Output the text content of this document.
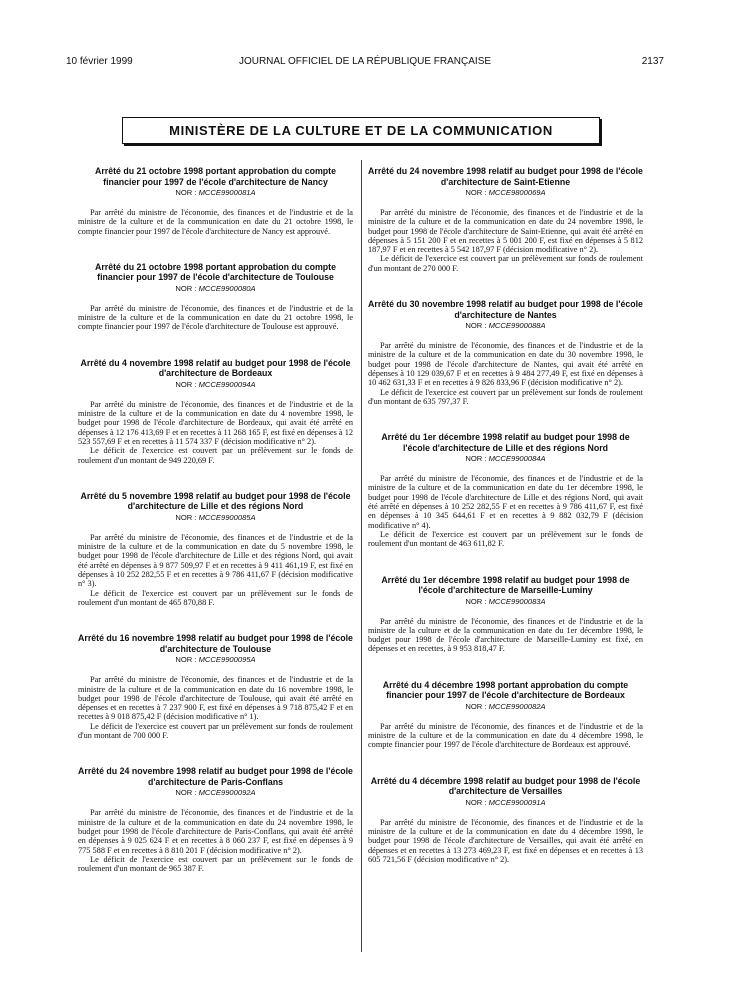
10 février 1999	JOURNAL OFFICIEL DE LA RÉPUBLIQUE FRANÇAISE	2137
MINISTÈRE DE LA CULTURE ET DE LA COMMUNICATION
Arrêté du 21 octobre 1998 portant approbation du compte financier pour 1997 de l'école d'architecture de Nancy
NOR : MCCE9900081A

Par arrêté du ministre de l'économie, des finances et de l'industrie et de la ministre de la culture et de la communication en date du 21 octobre 1998, le compte financier pour 1997 de l'école d'architecture de Nancy est approuvé.

Arrêté du 21 octobre 1998 portant approbation du compte financier pour 1997 de l'école d'architecture de Toulouse
NOR : MCCE9900080A

Par arrêté du ministre de l'économie, des finances et de l'industrie et de la ministre de la culture et de la communication en date du 21 octobre 1998, le compte financier pour 1997 de l'école d'architecture de Toulouse est approuvé.

Arrêté du 4 novembre 1998 relatif au budget pour 1998 de l'école d'architecture de Bordeaux
NOR : MCCE9900094A

Par arrêté du ministre de l'économie, des finances et de l'industrie et de la ministre de la culture et de la communication en date du 4 novembre 1998, le budget pour 1998 de l'école d'architecture de Bordeaux, qui avait été arrêté en dépenses à 12 176 413,69 F et en recettes à 11 268 165 F, est fixé en dépenses à 12 523 557,69 F et en recettes à 11 574 337 F (décision modificative n° 2).

Le déficit de l'exercice est couvert par un prélèvement sur le fonds de roulement d'un montant de 949 220,69 F.

Arrêté du 5 novembre 1998 relatif au budget pour 1998 de l'école d'architecture de Lille et des régions Nord
NOR : MCCE9900085A

Par arrêté du ministre de l'économie, des finances et de l'industrie et de la ministre de la culture et de la communication en date du 5 novembre 1998, le budget pour 1998 de l'école d'architecture de Lille et des régions Nord, qui avait été arrêté en dépenses à 9 877 509,97 F et en recettes à 9 411 461,19 F, est fixé en dépenses à 10 252 282,55 F et en recettes à 9 786 411,67 F (décision modificative n° 3).

Le déficit de l'exercice est couvert par un prélèvement sur le fonds de roulement d'un montant de 465 870,88 F.

Arrêté du 16 novembre 1998 relatif au budget pour 1998 de l'école d'architecture de Toulouse
NOR : MCCE9900095A

Par arrêté du ministre de l'économie, des finances et de l'industrie et de la ministre de la culture et de la communication en date du 16 novembre 1998, le budget pour 1998 de l'école d'architecture de Toulouse, qui avait été arrêté en dépenses et en recettes à 7 237 900 F, est fixé en dépenses à 9 718 875,42 F et en recettes à 9 018 875,42 F (décision modificative n° 1).

Le déficit de l'exercice est couvert par un prélèvement sur fonds de roulement d'un montant de 700 000 F.

Arrêté du 24 novembre 1998 relatif au budget pour 1998 de l'école d'architecture de Paris-Conflans
NOR : MCCE9900092A

Par arrêté du ministre de l'économie, des finances et de l'industrie et de la ministre de la culture et de la communication en date du 24 novembre 1998, le budget pour 1998 de l'école d'architecture de Paris-Conflans, qui avait été arrêté en dépenses à 9 025 624 F et en recettes à 8 060 237 F, est fixé en dépenses à 9 775 588 F et en recettes à 8 810 201 F (décision modificative n° 2).

Le déficit de l'exercice est couvert par un prélèvement sur le fonds de roulement d'un montant de 965 387 F.

Arrêté du 24 novembre 1998 relatif au budget pour 1998 de l'école d'architecture de Saint-Etienne
NOR : MCCE9800069A

Par arrêté du ministre de l'économie, des finances et de l'industrie et de la ministre de la culture et de la communication en date du 24 novembre 1998, le budget pour 1998 de l'école d'architecture de Saint-Etienne, qui avait été arrêté en dépenses à 5 151 200 F et en recettes à 5 001 200 F, est fixé en dépenses à 5 812 187,97 F et en recettes à 5 542 187,97 F (décision modificative n° 2).

Le déficit de l'exercice est couvert par un prélèvement sur fonds de roulement d'un montant de 270 000 F.

Arrêté du 30 novembre 1998 relatif au budget pour 1998 de l'école d'architecture de Nantes
NOR : MCCE9900088A

Par arrêté du ministre de l'économie, des finances et de l'industrie et de la ministre de la culture et de la communication en date du 30 novembre 1998, le budget pour 1998 de l'école d'architecture de Nantes, qui avait été arrêté en dépenses à 10 129 039,67 F et en recettes à 9 484 277,49 F, est fixé en dépenses à 10 462 631,33 F et en recettes à 9 826 833,96 F (décision modificative n° 2).

Le déficit de l'exercice est couvert par un prélèvement sur fonds de roulement d'un montant de 635 797,37 F.

Arrêté du 1er décembre 1998 relatif au budget pour 1998 de l'école d'architecture de Lille et des régions Nord
NOR : MCCE9900084A

Par arrêté du ministre de l'économie, des finances et de l'industrie et de la ministre de la culture et de la communication en date du 1er décembre 1998, le budget pour 1998 de l'école d'architecture de Lille et des régions Nord, qui avait été arrêté en dépenses à 10 252 282,55 F et en recettes à 9 786 411,67 F, est fixé en dépenses à 10 345 644,61 F et en recettes à 9 882 032,79 F (décision modificative n° 4).

Le déficit de l'exercice est couvert par un prélèvement sur le fonds de roulement d'un montant de 463 611,82 F.

Arrêté du 1er décembre 1998 relatif au budget pour 1998 de l'école d'architecture de Marseille-Luminy
NOR : MCCE9900083A

Par arrêté du ministre de l'économie, des finances et de l'industrie et de la ministre de la culture et de la communication en date du 1er décembre 1998, le budget pour 1998 de l'école d'architecture de Marseille-Luminy est fixé, en dépenses et en recettes, à 9 953 818,47 F.

Arrêté du 4 décembre 1998 portant approbation du compte financier pour 1997 de l'école d'architecture de Bordeaux
NOR : MCCE9900082A

Par arrêté du ministre de l'économie, des finances et de l'industrie et de la ministre de la culture et de la communication en date du 4 décembre 1998, le compte financier pour 1997 de l'école d'architecture de Bordeaux est approuvé.

Arrêté du 4 décembre 1998 relatif au budget pour 1998 de l'école d'architecture de Versailles
NOR : MCCE9900091A

Par arrêté du ministre de l'économie, des finances et de l'industrie et de la ministre de la culture et de la communication en date du 4 décembre 1998, le budget pour 1998 de l'école d'architecture de Versailles, qui avait été arrêté en dépenses et en recettes à 13 273 469,23 F, est fixé en dépenses et en recettes à 13 605 721,56 F (décision modificative n° 2).
